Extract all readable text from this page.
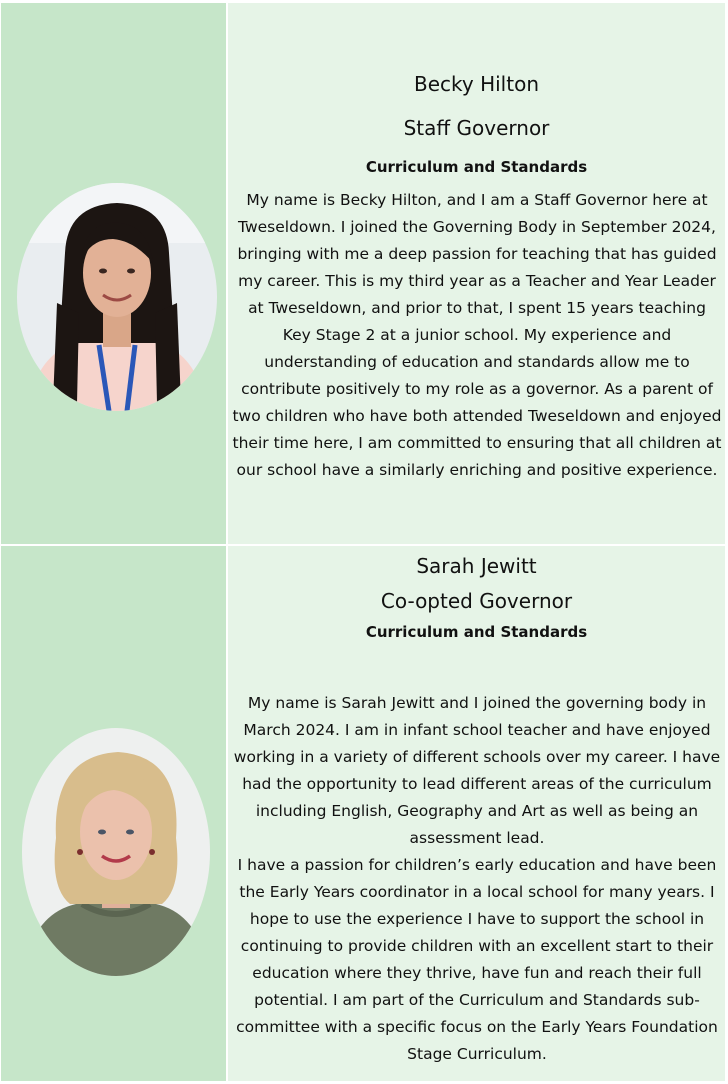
Becky Hilton
Staff Governor
Curriculum and Standards

My name is Becky Hilton, and I am a Staff Governor here at Tweseldown. I joined the Governing Body in September 2024, bringing with me a deep passion for teaching that has guided my career. This is my third year as a Teacher and Year Leader at Tweseldown, and prior to that, I spent 15 years teaching Key Stage 2 at a junior school. My experience and understanding of education and standards allow me to contribute positively to my role as a governor. As a parent of two children who have both attended Tweseldown and enjoyed their time here, I am committed to ensuring that all children at our school have a similarly enriching and positive experience.

Sarah Jewitt
Co-opted Governor
Curriculum and Standards

My name is Sarah Jewitt and I joined the governing body in March 2024. I am in infant school teacher and have enjoyed working in a variety of different schools over my career. I have had the opportunity to lead different areas of the curriculum including English, Geography and Art as well as being an assessment lead.

I have a passion for children’s early education and have been the Early Years coordinator in a local school for many years. I hope to use the experience I have to support the school in continuing to provide children with an excellent start to their education where they thrive, have fun and reach their full potential. I am part of the Curriculum and Standards sub-committee with a specific focus on the Early Years Foundation Stage Curriculum.
